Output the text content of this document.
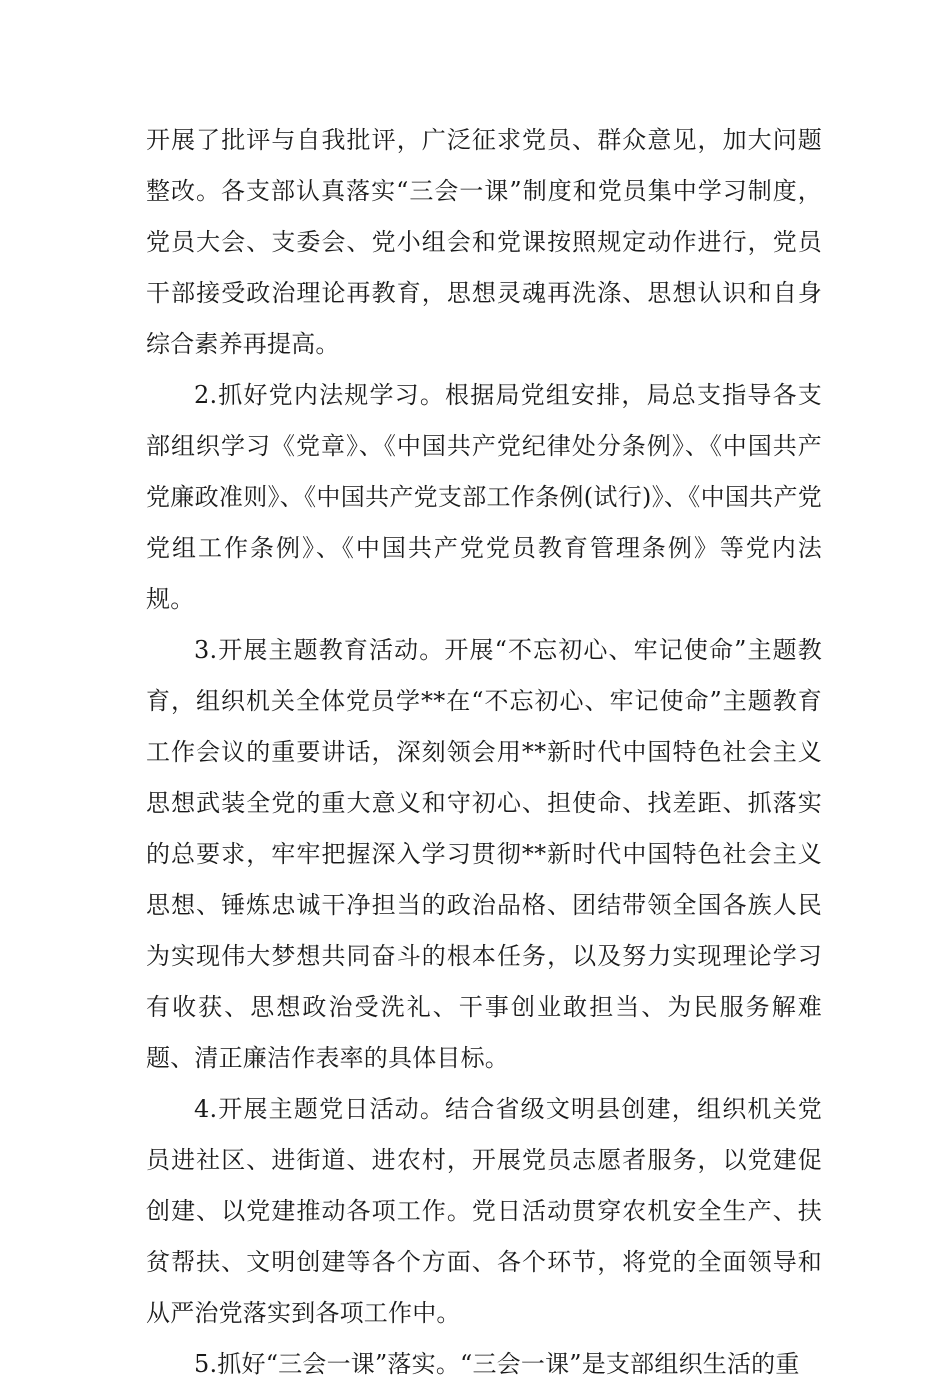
开展了批评与自我批评，广泛征求党员、群众意见，加大问题整改。各支部认真落实“三会一课”制度和党员集中学习制度，党员大会、支委会、党小组会和党课按照规定动作进行，党员干部接受政治理论再教育，思想灵魂再洗涤、思想认识和自身综合素养再提高。

2.抓好党内法规学习。根据局党组安排，局总支指导各支部组织学习《党章》、《中国共产党纪律处分条例》、《中国共产党廉政准则》、《中国共产党支部工作条例(试行)》、《中国共产党党组工作条例》、《中国共产党党员教育管理条例》等党内法规。

3.开展主题教育活动。开展“不忘初心、牢记使命”主题教育，组织机关全体党员学**在“不忘初心、牢记使命”主题教育工作会议的重要讲话，深刻领会用**新时代中国特色社会主义思想武装全党的重大意义和守初心、担使命、找差距、抓落实的总要求，牢牢把握深入学习贯彻**新时代中国特色社会主义思想、锤炼忠诚干净担当的政治品格、团结带领全国各族人民为实现伟大梦想共同奋斗的根本任务，以及努力实现理论学习有收获、思想政治受洗礼、干事创业敢担当、为民服务解难题、清正廉洁作表率的具体目标。

4.开展主题党日活动。结合省级文明县创建，组织机关党员进社区、进街道、进农村，开展党员志愿者服务，以党建促创建、以党建推动各项工作。党日活动贯穿农机安全生产、扶贫帮扶、文明创建等各个方面、各个环节，将党的全面领导和从严治党落实到各项工作中。

5.抓好“三会一课”落实。“三会一课”是支部组织生活的重
